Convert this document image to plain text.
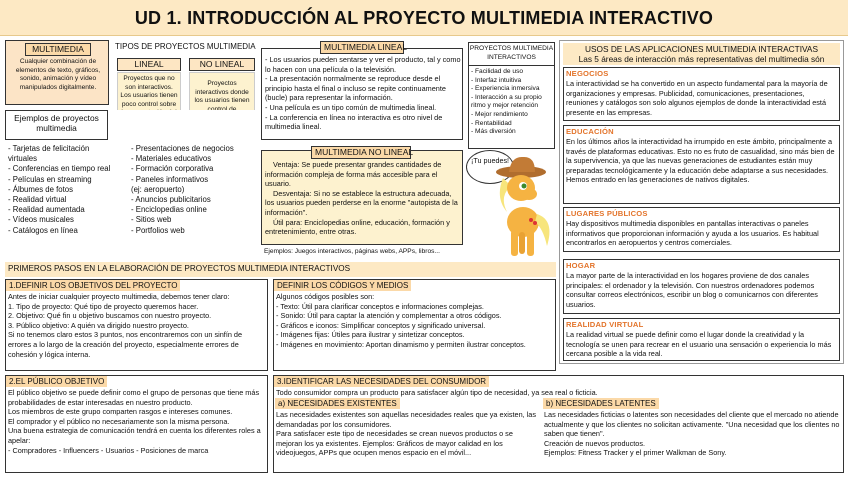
UD 1. INTRODUCCIÓN AL PROYECTO MULTIMEDIA INTERACTIVO
MULTIMEDIA
Cualquier combinación de elementos de texto, gráficos, sonido, animación y vídeo manipulados digitalmente.
TIPOS DE PROYECTOS MULTIMEDIA
LINEAL	NO LINEAL
Proyectos que no son interactivos. Los usuarios tienen poco control sobre
Proyectos interactivos donde los usuarios tienen
Ejemplos de proyectos multimedia
- Tarjetas de felicitación
virtuales
- Conferencias en tiempo real
- Películas en streaming
- Álbumes de fotos
- Realidad virtual
- Realidad aumentada
- Vídeos musicales
- Catálogos en línea
- Presentaciones de negocios
- Materiales educativos
- Formación corporativa
- Paneles informativos
(ej: aeropuerto)
- Anuncios publicitarios
- Enciclopedias online
- Sitios web
- Portfolios web
MULTIMEDIA LINEAL
- Los usuarios pueden sentarse y ver el producto, tal y como lo hacen con una película o la televisión.
- La presentación normalmente se reproduce desde el principio hasta el final o incluso se repite continuamente (bucle) para representar la información.
- Una película es un tipo común de multimedia lineal.
- La conferencia en línea no interactiva es otro nivel de multimedia lineal.
PROYECTOS MULTIMEDIA INTERACTIVOS
- Facilidad de uso
- Interfaz intuitiva
- Experiencia inmersiva
- Interacción a su propio ritmo y mejor retención
- Mejor rendimiento
- Rentabilidad
- Más diversión
MULTIMEDIA NO LINEAL
Ventaja: Se puede presentar grandes cantidades de información compleja de forma más accesible para el usuario.
Desventaja: Si no se establece la estructura adecuada, los usuarios pueden perderse en la enorme "autopista de la información".
Útil para: Enciclopedias online, educación, formación y entretenimiento, entre otras.
Ejemplos: Juegos interactivos, páginas webs, APPs, libros...
¡Tu puedes!
USOS DE LAS APLICACIONES MULTIMEDIA INTERACTIVAS
Las 5 áreas de interacción más representativas del multimedia són
NEGOCIOS
La interactividad se ha convertido en un aspecto fundamental para la mayoría de organizaciones y empresas. Publicidad, comunicaciones, presentaciones, reuniones y catálogos son solo algunos ejemplos de donde la interactividad está presente en las empresas.
EDUCACIÓN
En los últimos años la interactividad ha irrumpido en este ámbito, principalmente a través de plataformas educativas. Esto no es fruto de casualidad, sino más bien de la supervivencia, ya que las nuevas generaciones de estudiantes están muy preparadas tecnológicamente y la educación debe adaptarse a sus necesidades. Hemos entrado en las generaciones de nativos digitales.
LUGARES PÚBLICOS
Hay dispositivos multimedia disponibles en pantallas interactivas o paneles informativos que proporcionan información y ayuda a los usuarios. Es habitual encontrarlos en aeropuertos y centros comerciales.
HOGAR
La mayor parte de la interactividad en los hogares proviene de dos canales principales: el ordenador y la televisión. Con nuestros ordenadores podemos consultar correos electrónicos, escribir un blog o comunicarnos con diferentes usuarios.
REALIDAD VIRTUAL
La realidad virtual se puede definir como el lugar donde la creatividad y la tecnología se unen para recrear en el usuario una sensación o experiencia lo más cercana posible a la vida real.
PRIMEROS PASOS EN LA ELABORACIÓN DE PROYECTOS MULTIMEDIA INTERACTIVOS
1.DEFINIR LOS OBJETIVOS DEL PROYECTO
Antes de iniciar cualquier proyecto multimedia, debemos tener claro:
1. Tipo de proyecto: Qué tipo de proyecto queremos hacer.
2. Objetivo: Qué fin u objetivo buscamos con nuestro proyecto.
3. Público objetivo: A quién va dirigido nuestro proyecto.
Si no tenemos claro estos 3 puntos, nos encontraremos con un sinfín de errores a lo largo de la creación del proyecto, especialmente errores de cohesión y lógica interna.
DEFINIR LOS CÓDIGOS Y MEDIOS
Algunos códigos posibles son:
- Texto: Útil para clarificar conceptos e informaciones complejas.
- Sonido: Útil para captar la atención y complementar a otros códigos.
- Gráficos e iconos: Simplificar conceptos y significado universal.
- Imágenes fijas: Útiles para ilustrar y sintetizar conceptos.
- Imágenes en movimiento: Aportan dinamismo y permiten ilustrar conceptos.
2.EL PÚBLICO OBJETIVO
El público objetivo se puede definir como el grupo de personas que tiene más probabilidades de estar interesadas en nuestro producto.
Los miembros de este grupo comparten rasgos e intereses comunes.
El comprador y el público no necesariamente son la misma persona.
Una buena estrategia de comunicación tendrá en cuenta los diferentes roles a apelar:
- Compradores - Influencers - Usuarios - Posiciones de marca
3.IDENTIFICAR LAS NECESIDADES DEL CONSUMIDOR
Todo consumidor compra un producto para satisfacer algún tipo de necesidad, ya sea real o ficticia.
a) NECESIDADES EXISTENTES
Las necesidades existentes son aquellas necesidades reales que ya existen, las demandadas por los consumidores.
Para satisfacer este tipo de necesidades se crean nuevos productos o se mejoran los ya existentes. Ejemplos: Gráficos de mayor calidad en los videojuegos, APPs que ocupen menos espacio en el móvil...
b) NECESIDADES LATENTES
Las necesidades ficticias o latentes son necesidades del cliente que el mercado no atiende actualmente y que los clientes no solicitan activamente. "Una necesidad que los clientes no saben que tienen".
Creación de nuevos productos.
Ejemplos: Fitness Tracker y el primer Walkman de Sony.
